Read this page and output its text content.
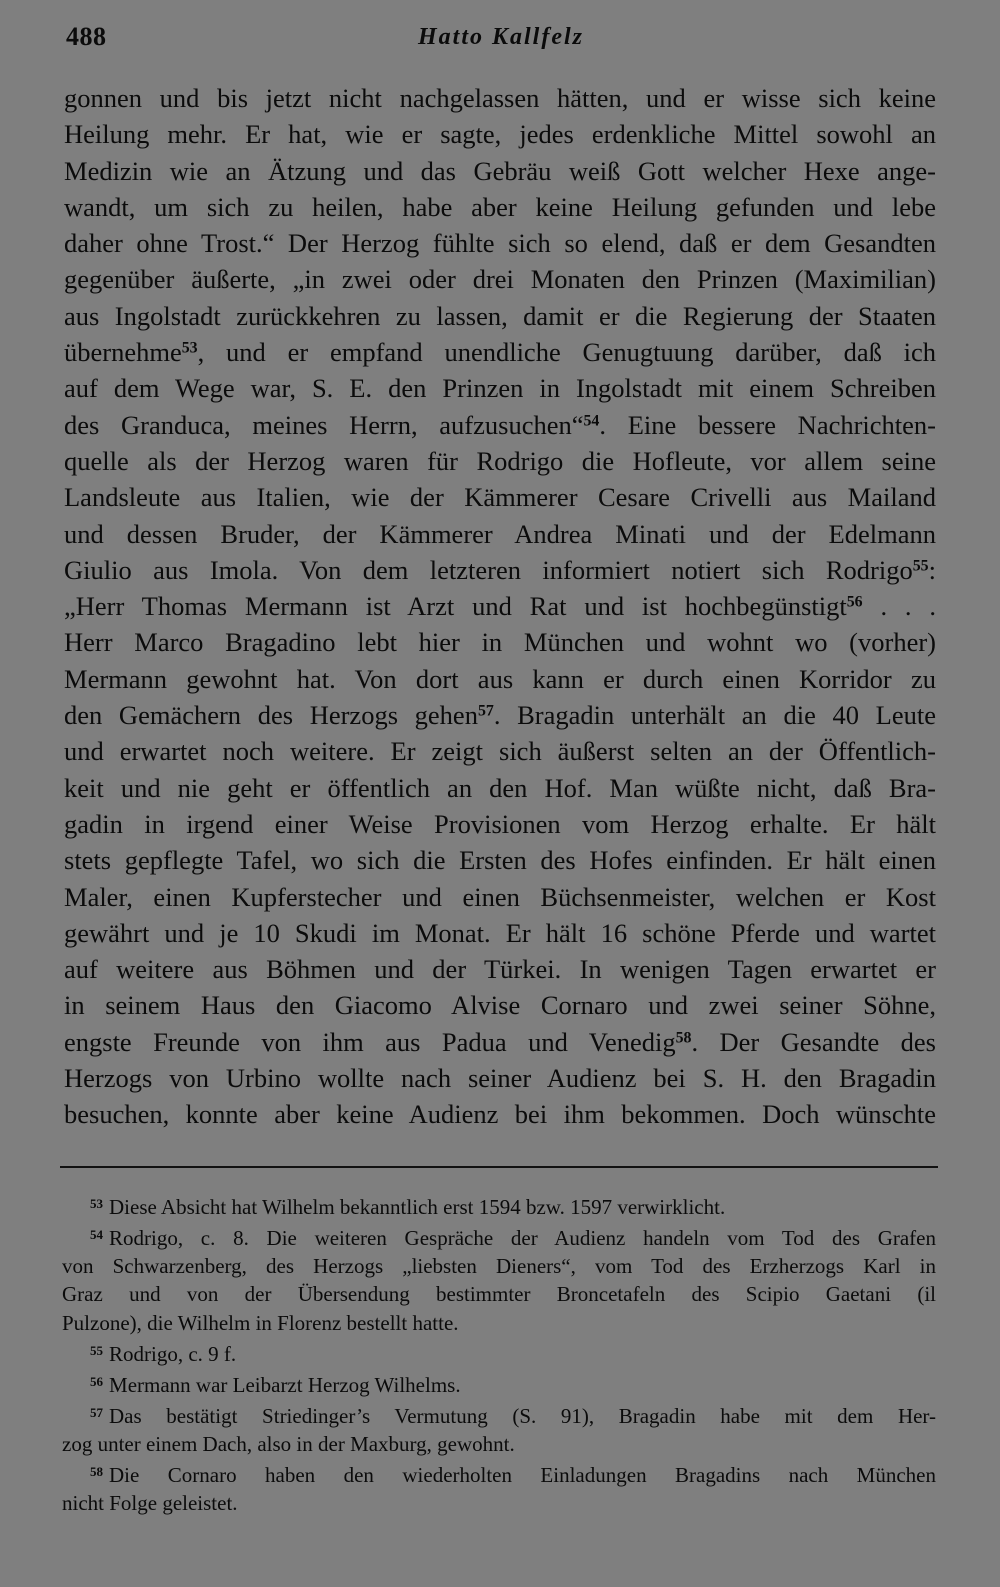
488	Hatto Kallfelz
gonnen und bis jetzt nicht nachgelassen hätten, und er wisse sich keine
Heilung mehr. Er hat, wie er sagte, jedes erdenkliche Mittel sowohl an
Medizin wie an Ätzung und das Gebräu weiß Gott welcher Hexe ange-
wandt, um sich zu heilen, habe aber keine Heilung gefunden und lebe
daher ohne Trost.“ Der Herzog fühlte sich so elend, daß er dem Gesandten
gegenüber äußerte, „in zwei oder drei Monaten den Prinzen (Maximilian)
aus Ingolstadt zurückkehren zu lassen, damit er die Regierung der Staaten
übernehme$^{53}$, und er empfand unendliche Genugtuung darüber, daß ich
auf dem Wege war, S. E. den Prinzen in Ingolstadt mit einem Schreiben
des Granduca, meines Herrn, aufzusuchen“$^{54}$. Eine bessere Nachrichten-
quelle als der Herzog waren für Rodrigo die Hofleute, vor allem seine
Landsleute aus Italien, wie der Kämmerer Cesare Crivelli aus Mailand
und dessen Bruder, der Kämmerer Andrea Minati und der Edelmann
Giulio aus Imola. Von dem letzteren informiert notiert sich Rodrigo$^{55}$:
„Herr Thomas Mermann ist Arzt und Rat und ist hochbegünstigt$^{56}$ . . .
Herr Marco Bragadino lebt hier in München und wohnt wo (vorher)
Mermann gewohnt hat. Von dort aus kann er durch einen Korridor zu
den Gemächern des Herzogs gehen$^{57}$. Bragadin unterhält an die 40 Leute
und erwartet noch weitere. Er zeigt sich äußerst selten an der Öffentlich-
keit und nie geht er öffentlich an den Hof. Man wüßte nicht, daß Bra-
gadin in irgend einer Weise Provisionen vom Herzog erhalte. Er hält
stets gepflegte Tafel, wo sich die Ersten des Hofes einfinden. Er hält einen
Maler, einen Kupferstecher und einen Büchsenmeister, welchen er Kost
gewährt und je 10 Skudi im Monat. Er hält 16 schöne Pferde und wartet
auf weitere aus Böhmen und der Türkei. In wenigen Tagen erwartet er
in seinem Haus den Giacomo Alvise Cornaro und zwei seiner Söhne,
engste Freunde von ihm aus Padua und Venedig$^{58}$. Der Gesandte des
Herzogs von Urbino wollte nach seiner Audienz bei S. H. den Bragadin
besuchen, konnte aber keine Audienz bei ihm bekommen. Doch wünschte
$^{53}$ Diese Absicht hat Wilhelm bekanntlich erst 1594 bzw. 1597 verwirklicht.
$^{54}$ Rodrigo, c. 8. Die weiteren Gespräche der Audienz handeln vom Tod des Grafen
von Schwarzenberg, des Herzogs „liebsten Dieners“, vom Tod des Erzherzogs Karl in
Graz und von der Übersendung bestimmter Broncetafeln des Scipio Gaetani (il
Pulzone), die Wilhelm in Florenz bestellt hatte.
$^{55}$ Rodrigo, c. 9 f.
$^{56}$ Mermann war Leibarzt Herzog Wilhelms.
$^{57}$ Das bestätigt Striedinger’s Vermutung (S. 91), Bragadin habe mit dem Her-
zog unter einem Dach, also in der Maxburg, gewohnt.
$^{58}$ Die Cornaro haben den wiederholten Einladungen Bragadins nach München
nicht Folge geleistet.
